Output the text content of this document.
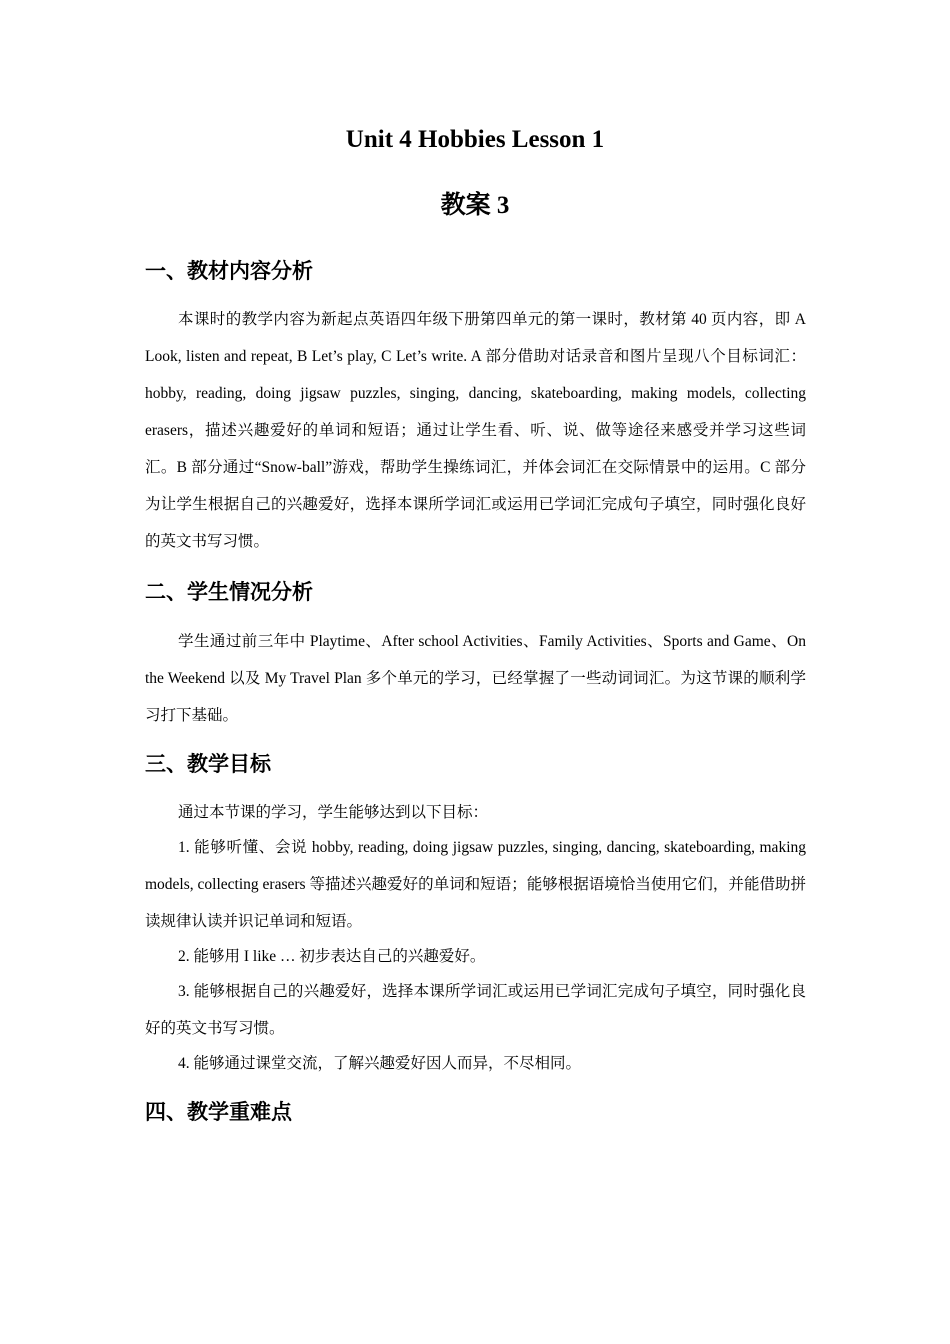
Unit 4 Hobbies Lesson 1
教案 3
一、教材内容分析

本课时的教学内容为新起点英语四年级下册第四单元的第一课时，教材第 40 页内容，即 A Look, listen and repeat, B Let’s play, C Let’s write. A 部分借助对话录音和图片呈现八个目标词汇： hobby, reading, doing jigsaw puzzles, singing, dancing, skateboarding, making models, collecting erasers，描述兴趣爱好的单词和短语；通过让学生看、听、说、做等途径来感受并学习这些词汇。B 部分通过“Snow-ball”游戏，帮助学生操练词汇，并体会词汇在交际情景中的运用。C 部分为让学生根据自己的兴趣爱好，选择本课所学词汇或运用已学词汇完成句子填空，同时强化良好的英文书写习惯。

二、学生情况分析

学生通过前三年中 Playtime、After school Activities、Family Activities、Sports and Game、On the Weekend 以及 My Travel Plan 多个单元的学习，已经掌握了一些动词词汇。为这节课的顺利学习打下基础。

三、教学目标

通过本节课的学习，学生能够达到以下目标：

1. 能够听懂、会说 hobby, reading, doing jigsaw puzzles, singing, dancing, skateboarding, making models, collecting erasers 等描述兴趣爱好的单词和短语；能够根据语境恰当使用它们，并能借助拼读规律认读并识记单词和短语。

2. 能够用 I like … 初步表达自己的兴趣爱好。

3. 能够根据自己的兴趣爱好，选择本课所学词汇或运用已学词汇完成句子填空，同时强化良好的英文书写习惯。

4. 能够通过课堂交流，了解兴趣爱好因人而异，不尽相同。

四、教学重难点
